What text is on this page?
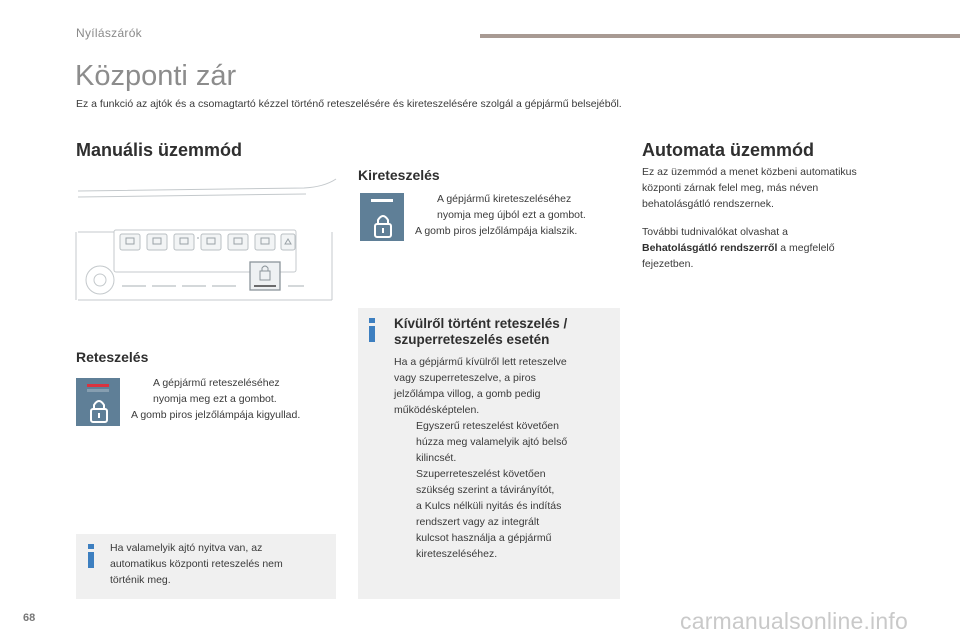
Nyílászárók
Központi zár
Ez a funkció az ajtók és a csomagtartó kézzel történő reteszelésére és kireteszelésére szolgál a gépjármű belsejéből.
Manuális üzemmód
Reteszelés
A gépjármű reteszeléséhez
nyomja meg ezt a gombot.
A gomb piros jelzőlámpája kigyullad.
Ha valamelyik ajtó nyitva van, az
automatikus központi reteszelés nem
történik meg.
Kireteszelés
A gépjármű kireteszeléséhez
nyomja meg újból ezt a gombot.
A gomb piros jelzőlámpája kialszik.
Kívülről történt reteszelés /
szuperreteszelés esetén
Ha a gépjármű kívülről lett reteszelve
vagy szuperreteszelve, a piros
jelzőlámpa villog, a gomb pedig
működésképtelen.
Egyszerű reteszelést követően
húzza meg valamelyik ajtó belső
kilincsét.
Szuperreteszelést követően
szükség szerint a távirányítót,
a Kulcs nélküli nyitás és indítás
rendszert vagy az integrált
kulcsot használja a gépjármű
kireteszeléséhez.
Automata üzemmód
Ez az üzemmód a menet közbeni automatikus
központi zárnak felel meg, más néven
behatolásgátló rendszernek.
További tudnivalókat olvashat a
Behatolásgátló rendszerről a megfelelő
fejezetben.
68	carmanualsonline.info
